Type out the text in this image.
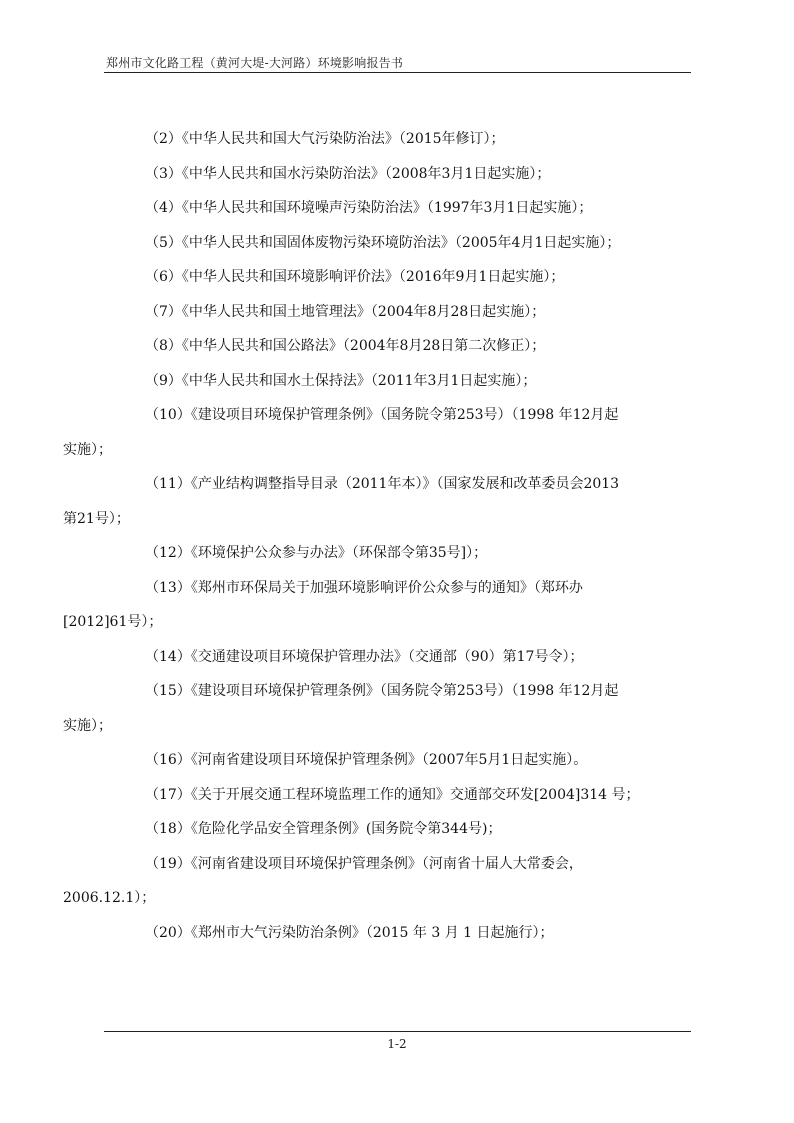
郑州市文化路工程（黄河大堤-大河路）环境影响报告书

（2）《中华人民共和国大气污染防治法》（2015年修订）；

（3）《中华人民共和国水污染防治法》（2008年3月1日起实施）；

（4）《中华人民共和国环境噪声污染防治法》（1997年3月1日起实施）；

（5）《中华人民共和国固体废物污染环境防治法》（2005年4月1日起实施）；

（6）《中华人民共和国环境影响评价法》（2016年9月1日起实施）；

（7）《中华人民共和国土地管理法》（2004年8月28日起实施）；

（8）《中华人民共和国公路法》（2004年8月28日第二次修正）；

（9）《中华人民共和国水土保持法》（2011年3月1日起实施）；

（10）《建设项目环境保护管理条例》（国务院令第253号）（1998 年12月起
实施）；

（11）《产业结构调整指导目录（2011年本）》（国家发展和改革委员会2013
第21号）；

（12）《环境保护公众参与办法》（环保部令第35号]）；

（13）《郑州市环保局关于加强环境影响评价公众参与的通知》（郑环办
[2012]61号）；

（14）《交通建设项目环境保护管理办法》（交通部（90）第17号令）；

（15）《建设项目环境保护管理条例》（国务院令第253号）（1998 年12月起
实施）；

（16）《河南省建设项目环境保护管理条例》（2007年5月1日起实施）。

（17）《关于开展交通工程环境监理工作的通知》交通部交环发[2004]314 号；

（18）《危险化学品安全管理条例》(国务院令第344号)；

（19）《河南省建设项目环境保护管理条例》（河南省十届人大常委会，
2006.12.1）；

（20）《郑州市大气污染防治条例》（2015 年 3 月 1 日起施行）；

1-2
